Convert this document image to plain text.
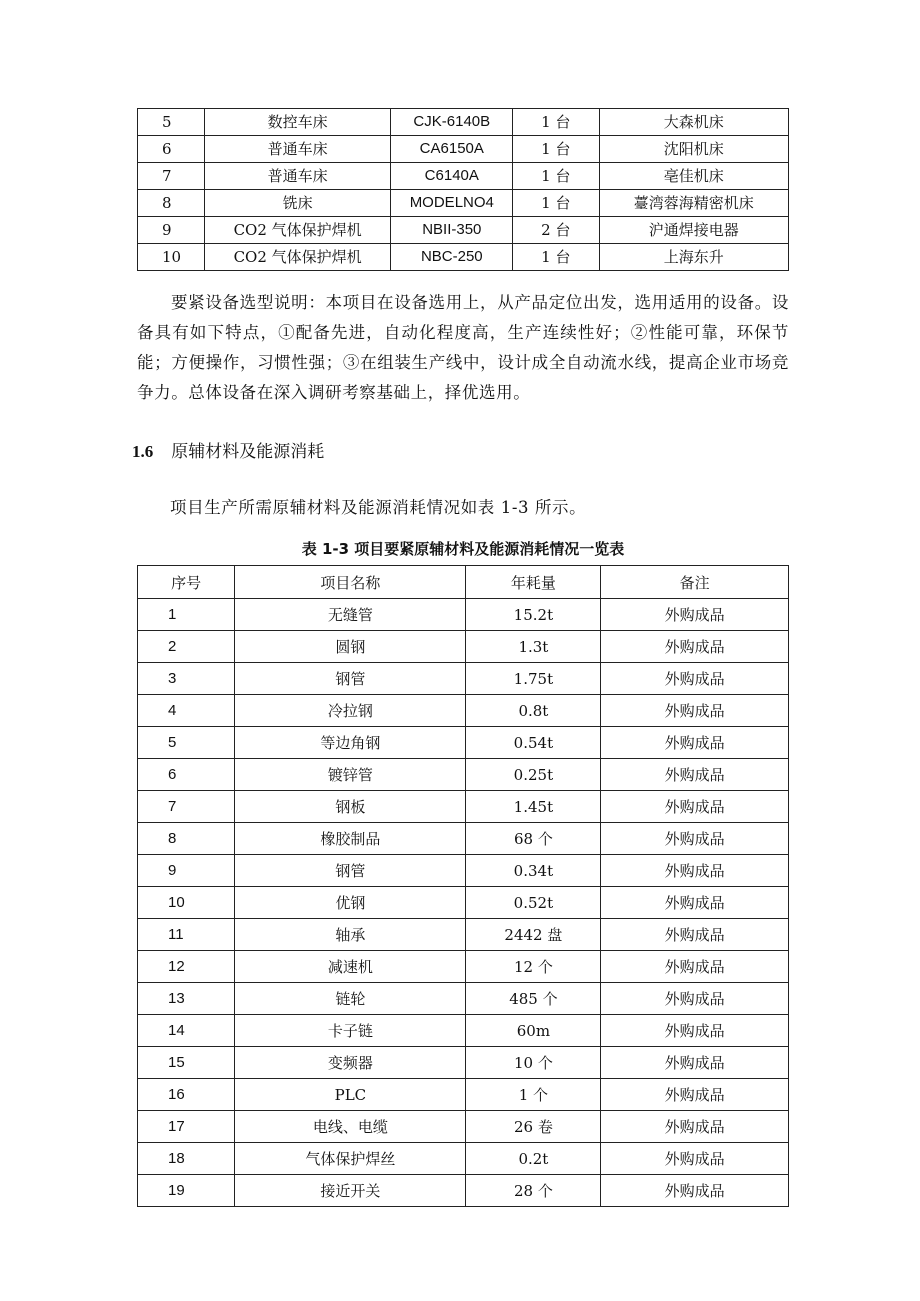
5	数控车床	CJK-6140B	1 台	大森机床
6	普通车床	CA6150A	1 台	沈阳机床
7	普通车床	C6140A	1 台	亳佳机床
8	铣床	MODELNO4	1 台	薹湾蓉海精密机床
9	CO2 气体保护焊机	NBII-350	2 台	沪通焊接电器
10	CO2 气体保护焊机	NBC-250	1 台	上海东升

要紧设备选型说明：本项目在设备选用上，从产品定位出发，选用适用的设备。设备具有如下特点，①配备先进，自动化程度高，生产连续性好；②性能可靠，环保节能；方便操作，习惯性强；③在组装生产线中，设计成全自动流水线，提高企业市场竞争力。总体设备在深入调研考察基础上，择优选用。

1.6 原辅材料及能源消耗

项目生产所需原辅材料及能源消耗情况如表 1-3 所示。

表 1-3 项目要紧原辅材料及能源消耗情况一览表
序号	项目名称	年耗量	备注
1	无缝管	15.2t	外购成品
2	圆钢	1.3t	外购成品
3	钢管	1.75t	外购成品
4	冷拉钢	0.8t	外购成品
5	等边角钢	0.54t	外购成品
6	镀锌管	0.25t	外购成品
7	钢板	1.45t	外购成品
8	橡胶制品	68 个	外购成品
9	钢管	0.34t	外购成品
10	优钢	0.52t	外购成品
11	轴承	2442 盘	外购成品
12	减速机	12 个	外购成品
13	链轮	485 个	外购成品
14	卡子链	60m	外购成品
15	变频器	10 个	外购成品
16	PLC	1 个	外购成品
17	电线、电缆	26 卷	外购成品
18	气体保护焊丝	0.2t	外购成品
19	接近开关	28 个	外购成品
